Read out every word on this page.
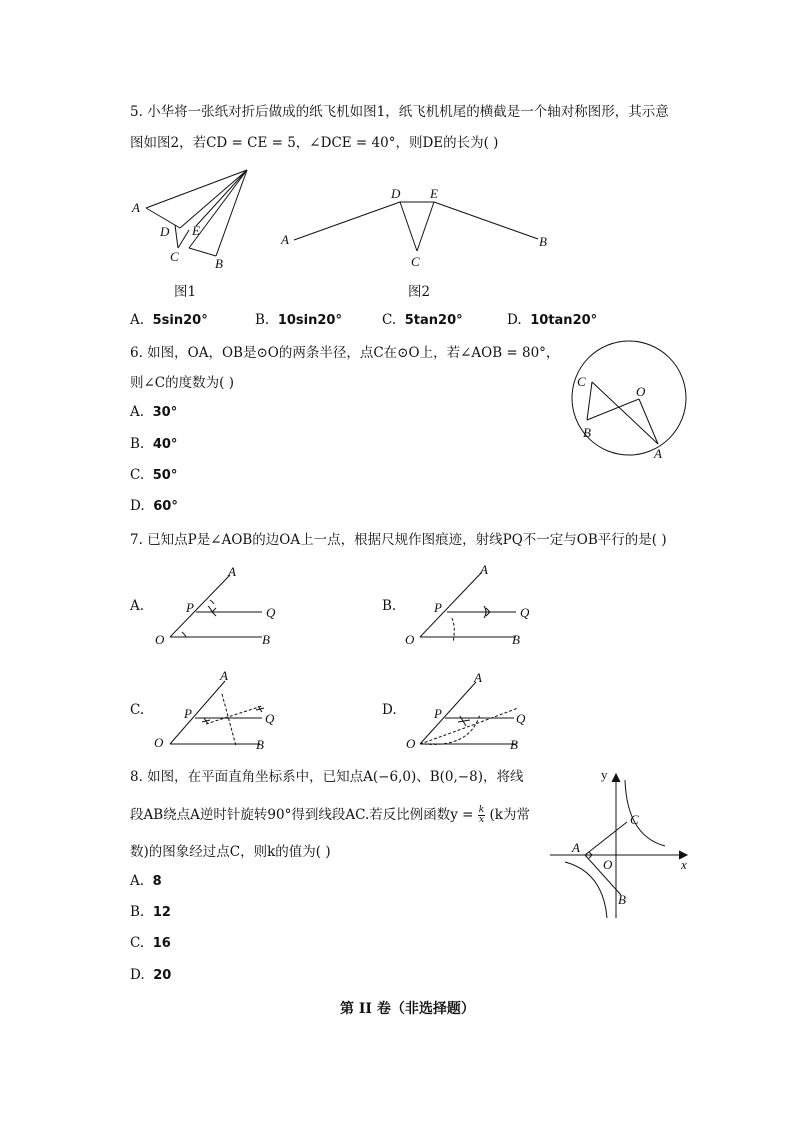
5. 小华将一张纸对折后做成的纸飞机如图1，纸飞机机尾的横截是一个轴对称图形，其示意
图如图2，若CD = CE = 5，∠DCE = 40°，则DE的长为( )
A
D E
C	B
图1
D E
A
C
B
图2
A. 5sin20°	B. 10sin20°	C. 5tan20°	D. 10tan20°
6. 如图，OA，OB是⊙O的两条半径，点C在⊙O上，若∠AOB = 80°，
则∠C的度数为( )
A. 30°
B. 40°
C. 50°
D. 60°
C
O
B
A
7. 已知点P是∠AOB的边OA上一点，根据尺规作图痕迹，射线PQ不一定与OB平行的是( )
A.	B.
C.	D.
A
P	Q
O	B
A
P	Q
O	B
A
P	Q
O	B
A
P	Q
O	B
8. 如图，在平面直角坐标系中，已知点A(−6,0)、B(0,−8)，将线
段AB绕点A逆时针旋转90°得到线段AC.若反比例函数$y = \frac{k}{x} (k$为常
数)的图象经过点C，则k的值为( )
A. 8
B. 12
C. 16
D. 20
y
x
C
A
O
B
第 II 卷（非选择题）
